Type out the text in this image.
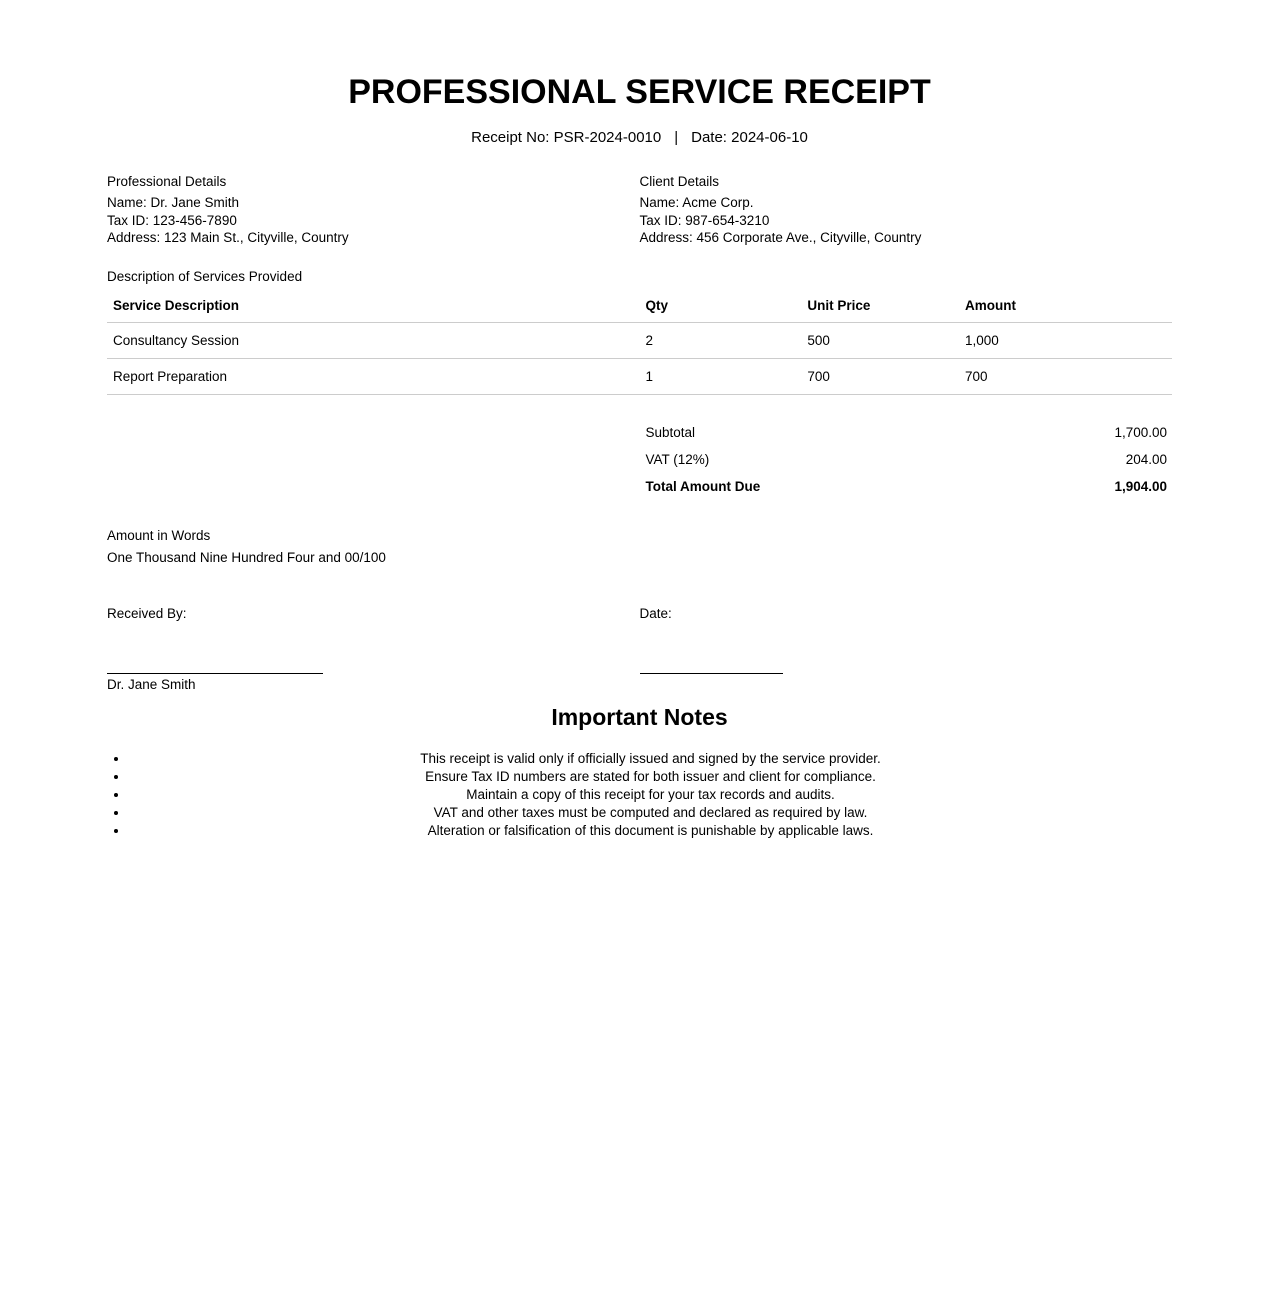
PROFESSIONAL SERVICE RECEIPT
Receipt No: PSR-2024-0010 | Date: 2024-06-10
Professional Details
Name: Dr. Jane Smith
Tax ID: 123-456-7890
Address: 123 Main St., Cityville, Country
Client Details
Name: Acme Corp.
Tax ID: 987-654-3210
Address: 456 Corporate Ave., Cityville, Country
Description of Services Provided
Service Description	Qty	Unit Price	Amount
Consultancy Session	2	500	1,000
Report Preparation	1	700	700
Subtotal	1,700.00
VAT (12%)	204.00
Total Amount Due	1,904.00
Amount in Words
One Thousand Nine Hundred Four and 00/100
Received By:
Dr. Jane Smith
Date:
Important Notes
• This receipt is valid only if officially issued and signed by the service provider.
• Ensure Tax ID numbers are stated for both issuer and client for compliance.
• Maintain a copy of this receipt for your tax records and audits.
• VAT and other taxes must be computed and declared as required by law.
• Alteration or falsification of this document is punishable by applicable laws.
